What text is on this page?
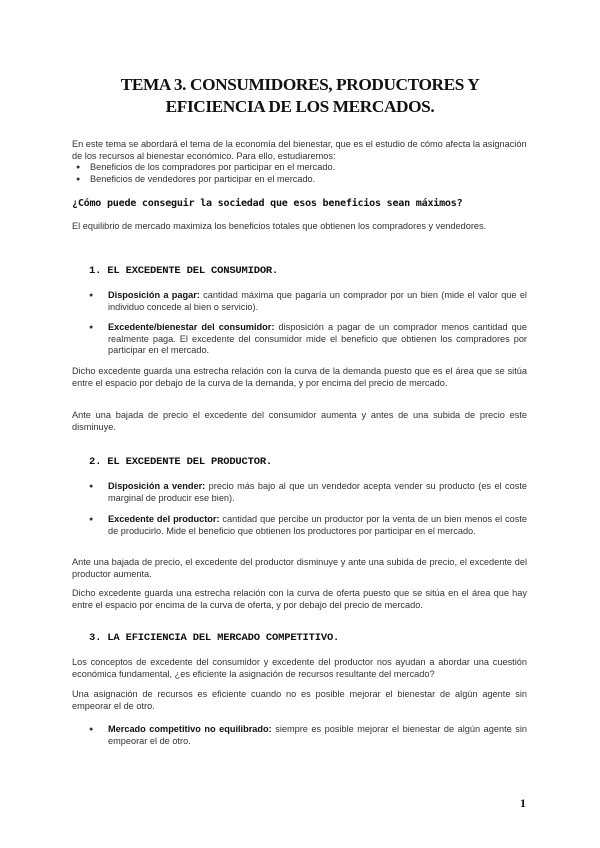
TEMA 3. CONSUMIDORES, PRODUCTORES Y EFICIENCIA DE LOS MERCADOS.
En este tema se abordará el tema de la economía del bienestar, que es el estudio de cómo afecta la asignación de los recursos al bienestar económico. Para ello, estudiaremos:
● Beneficios de los compradores por participar en el mercado.
● Beneficios de vendedores por participar en el mercado.
¿Cómo puede conseguir la sociedad que esos beneficios sean máximos?
El equilibrio de mercado maximiza los beneficios totales que obtienen los compradores y vendedores.
1. EL EXCEDENTE DEL CONSUMIDOR.
● Disposición a pagar: cantidad máxima que pagaría un comprador por un bien (mide el valor que el individuo concede al bien o servicio).
● Excedente/bienestar del consumidor: disposición a pagar de un comprador menos cantidad que realmente paga. El excedente del consumidor mide el beneficio que obtienen los compradores por participar en el mercado.
Dicho excedente guarda una estrecha relación con la curva de la demanda puesto que es el área que se sitúa entre el espacio por debajo de la curva de la demanda, y por encima del precio de mercado.
Ante una bajada de precio el excedente del consumidor aumenta y antes de una subida de precio este disminuye.
2. EL EXCEDENTE DEL PRODUCTOR.
● Disposición a vender: precio más bajo al que un vendedor acepta vender su producto (es el coste marginal de producir ese bien).
● Excedente del productor: cantidad que percibe un productor por la venta de un bien menos el coste de producirlo. Mide el beneficio que obtienen los productores por participar en el mercado.
Ante una bajada de precio, el excedente del productor disminuye y ante una subida de precio, el excedente del productor aumenta.
Dicho excedente guarda una estrecha relación con la curva de oferta puesto que se sitúa en el área que hay entre el espacio por encima de la curva de oferta, y por debajo del precio de mercado.
3. LA EFICIENCIA DEL MERCADO COMPETITIVO.
Los conceptos de excedente del consumidor y excedente del productor nos ayudan a abordar una cuestión económica fundamental, ¿es eficiente la asignación de recursos resultante del mercado?
Una asignación de recursos es eficiente cuando no es posible mejorar el bienestar de algún agente sin empeorar el de otro.
● Mercado competitivo no equilibrado: siempre es posible mejorar el bienestar de algún agente sin empeorar el de otro.
1
